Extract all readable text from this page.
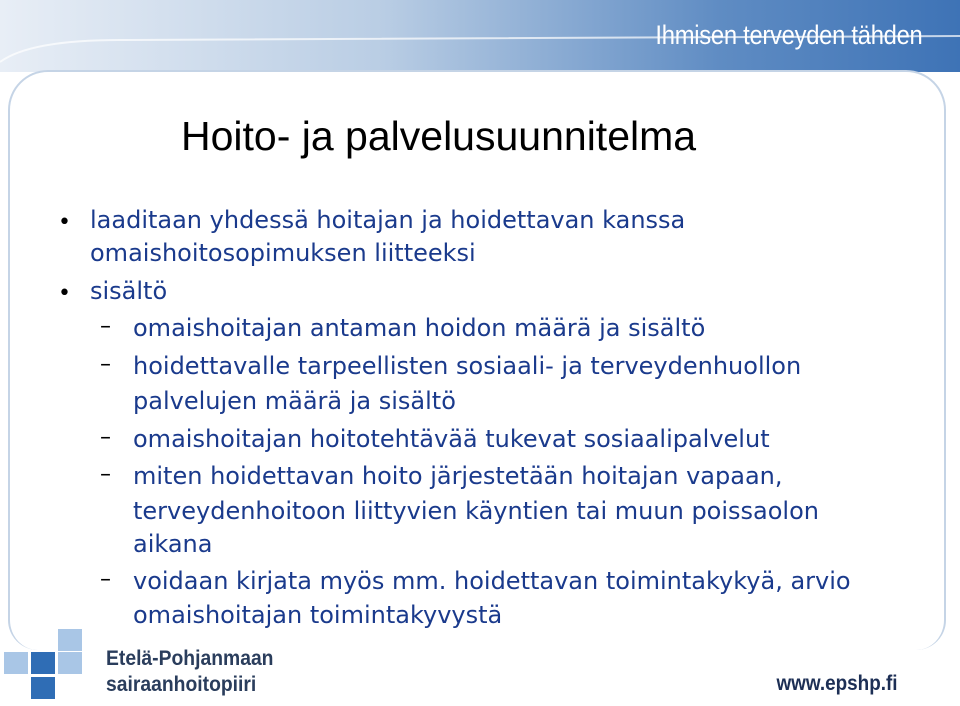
Ihmisen terveyden tähden
Hoito- ja palvelusuunnitelma
• laaditaan yhdessä hoitajan ja hoidettavan kanssa
omaishoitosopimuksen liitteeksi
• sisältö
– omaishoitajan antaman hoidon määrä ja sisältö
– hoidettavalle tarpeellisten sosiaali- ja terveydenhuollon
palvelujen määrä ja sisältö
– omaishoitajan hoitotehtävää tukevat sosiaalipalvelut
– miten hoidettavan hoito järjestetään hoitajan vapaan,
terveydenhoitoon liittyvien käyntien tai muun poissaolon
aikana
– voidaan kirjata myös mm. hoidettavan toimintakykyä, arvio
omaishoitajan toimintakyvystä
Etelä-Pohjanmaan
sairaanhoitopiiri	www.epshp.fi
